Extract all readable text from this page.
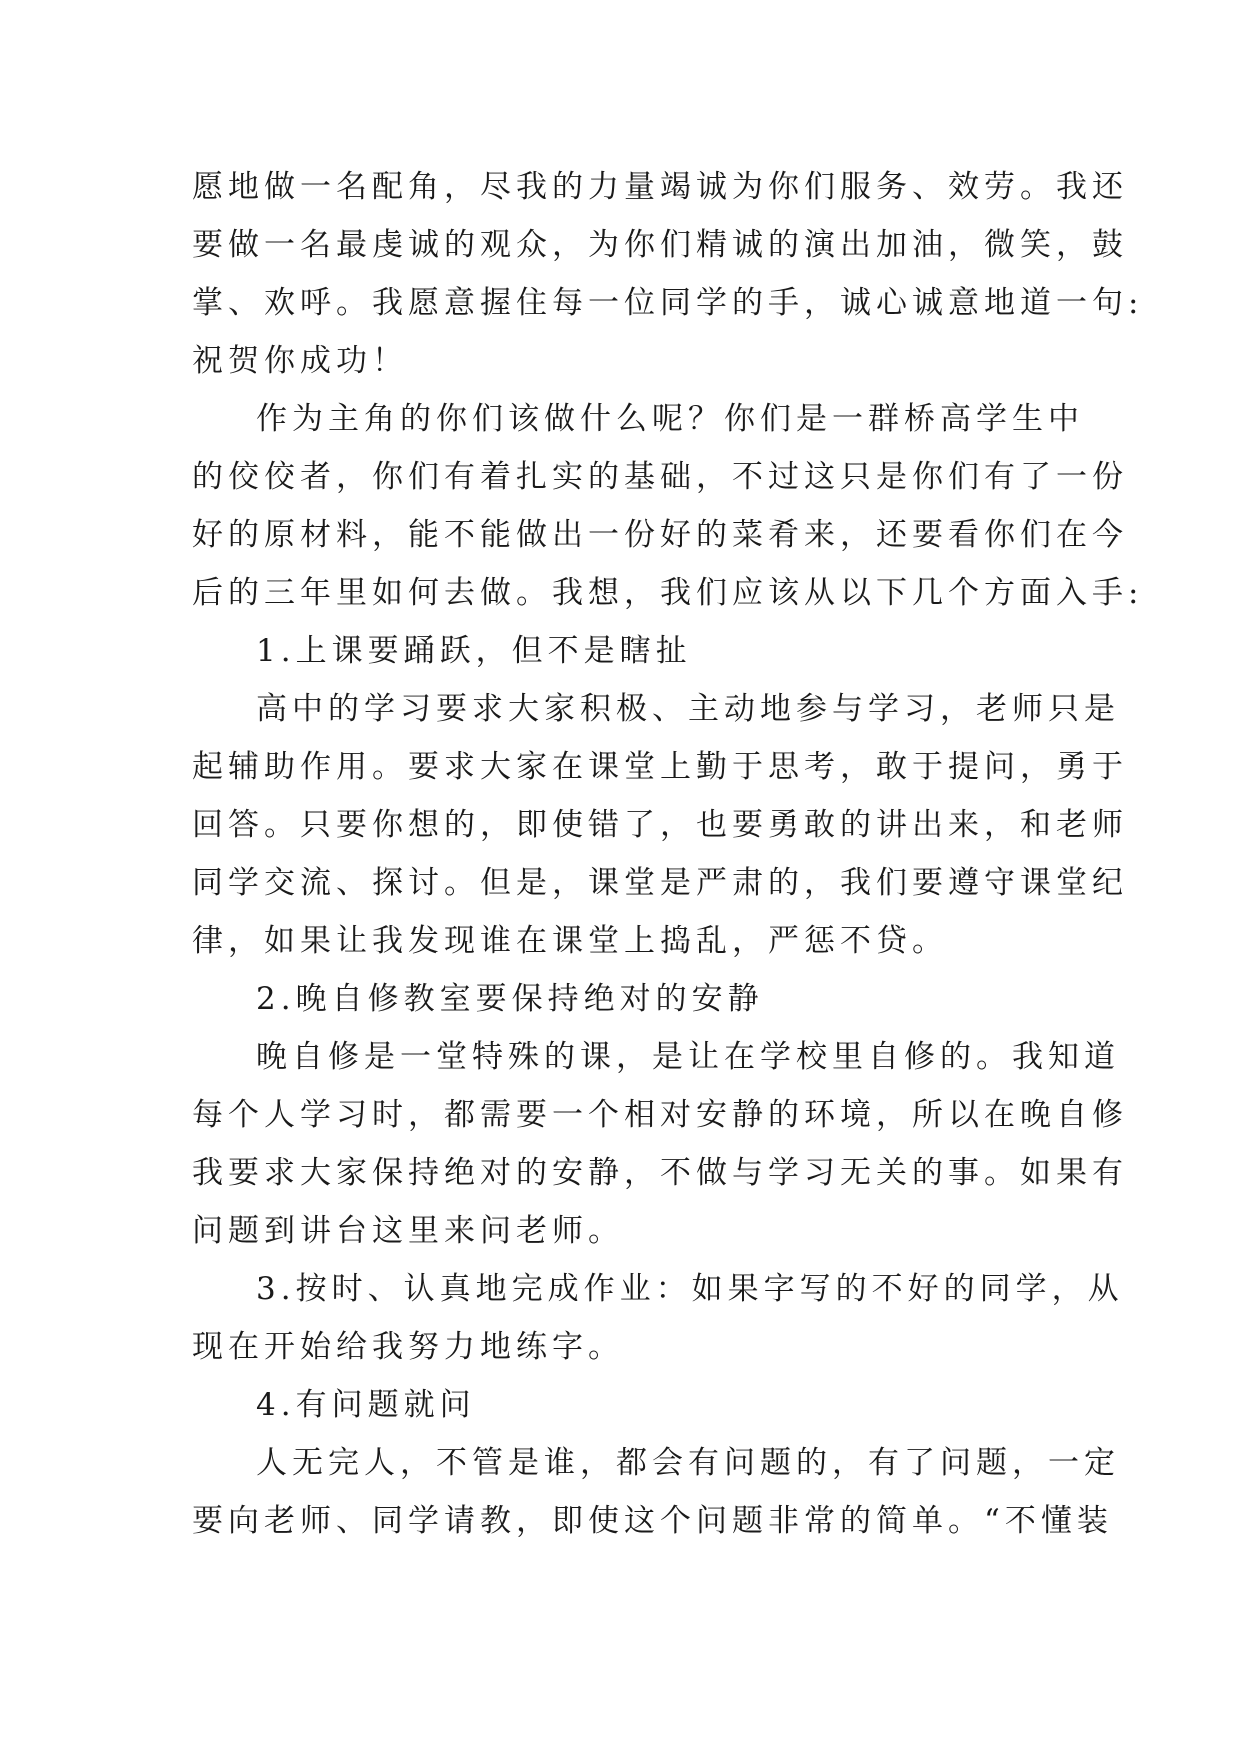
愿地做一名配角，尽我的力量竭诚为你们服务、效劳。我还
要做一名最虔诚的观众，为你们精诚的演出加油，微笑，鼓
掌、欢呼。我愿意握住每一位同学的手，诚心诚意地道一句:
祝贺你成功！
作为主角的你们该做什么呢？你们是一群桥高学生中
的佼佼者，你们有着扎实的基础，不过这只是你们有了一份
好的原材料，能不能做出一份好的菜肴来，还要看你们在今
后的三年里如何去做。我想，我们应该从以下几个方面入手:
1.上课要踊跃，但不是瞎扯
高中的学习要求大家积极、主动地参与学习，老师只是
起辅助作用。要求大家在课堂上勤于思考，敢于提问，勇于
回答。只要你想的，即使错了，也要勇敢的讲出来，和老师
同学交流、探讨。但是，课堂是严肃的，我们要遵守课堂纪
律，如果让我发现谁在课堂上捣乱，严惩不贷。
2.晚自修教室要保持绝对的安静
晚自修是一堂特殊的课，是让在学校里自修的。我知道
每个人学习时，都需要一个相对安静的环境，所以在晚自修
我要求大家保持绝对的安静，不做与学习无关的事。如果有
问题到讲台这里来问老师。
3.按时、认真地完成作业：如果字写的不好的同学，从
现在开始给我努力地练字。
4.有问题就问
人无完人，不管是谁，都会有问题的，有了问题，一定
要向老师、同学请教，即使这个问题非常的简单。“不懂装
